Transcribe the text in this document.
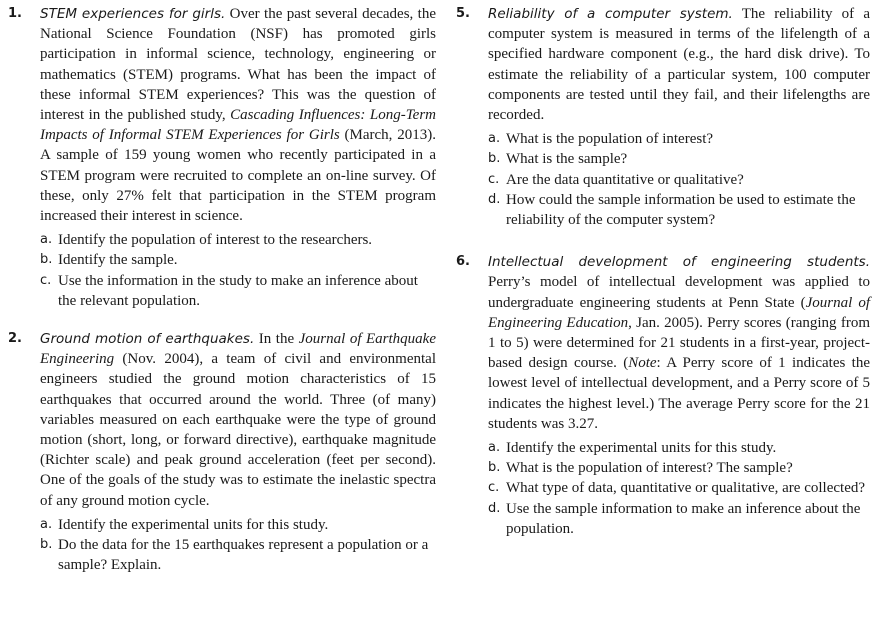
1. STEM experiences for girls. Over the past several decades, the National Science Foundation (NSF) has promoted girls participation in informal science, technology, engineering or mathematics (STEM) programs. What has been the impact of these informal STEM experiences? This was the question of interest in the published study, Cascading Influences: Long-Term Impacts of Informal STEM Experiences for Girls (March, 2013). A sample of 159 young women who recently participated in a STEM program were recruited to complete an on-line survey. Of these, only 27% felt that participation in the STEM program increased their interest in science.

a. Identify the population of interest to the researchers.
b. Identify the sample.
c. Use the information in the study to make an inference about the relevant population.
2. Ground motion of earthquakes. In the Journal of Earthquake Engineering (Nov. 2004), a team of civil and environmental engineers studied the ground motion characteristics of 15 earthquakes that occurred around the world. Three (of many) variables measured on each earthquake were the type of ground motion (short, long, or forward directive), earthquake magnitude (Richter scale) and peak ground acceleration (feet per second). One of the goals of the study was to estimate the inelastic spectra of any ground motion cycle.

a. Identify the experimental units for this study.
b. Do the data for the 15 earthquakes represent a population or a sample? Explain.
5. Reliability of a computer system. The reliability of a computer system is measured in terms of the lifelength of a specified hardware component (e.g., the hard disk drive). To estimate the reliability of a particular system, 100 computer components are tested until they fail, and their lifelengths are recorded.

a. What is the population of interest?
b. What is the sample?
c. Are the data quantitative or qualitative?
d. How could the sample information be used to estimate the reliability of the computer system?
6. Intellectual development of engineering students. Perry’s model of intellectual development was applied to undergraduate engineering students at Penn State (Journal of Engineering Education, Jan. 2005). Perry scores (ranging from 1 to 5) were determined for 21 students in a first-year, project-based design course. (Note: A Perry score of 1 indicates the lowest level of intellectual development, and a Perry score of 5 indicates the highest level.) The average Perry score for the 21 students was 3.27.

a. Identify the experimental units for this study.
b. What is the population of interest? The sample?
c. What type of data, quantitative or qualitative, are collected?
d. Use the sample information to make an inference about the population.
